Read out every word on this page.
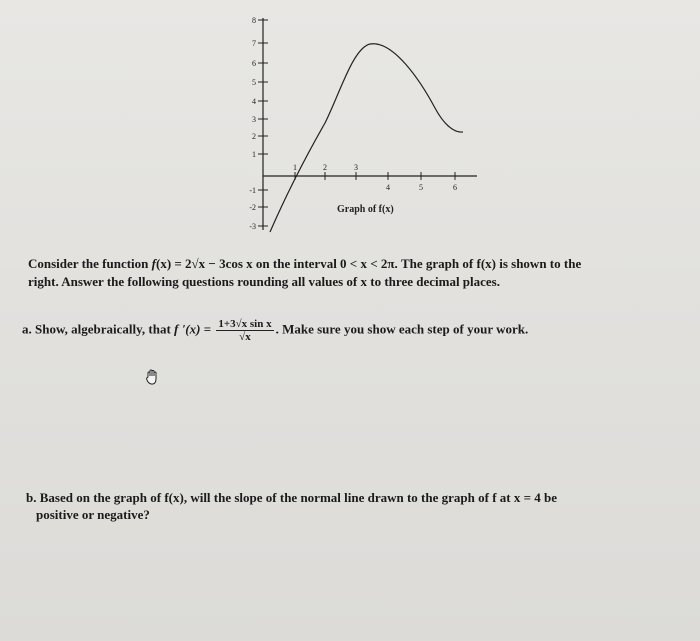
8
7
6
5
4
3
2
1
-1
-2
-3
1	2	3
4	5	6
Graph of f(x)
Consider the function f(x) = 2√x − 3cos x on the interval 0 < x < 2π. The graph of f(x) is shown to the
right. Answer the following questions rounding all values of x to three decimal places.
a. Show, algebraically, that f '$(x) = \frac{\text{1+3√x sin x}}{√x}$ . Make sure you show each step of your work.
b. Based on the graph of f(x), will the slope of the normal line drawn to the graph of f at x = 4 be
positive or negative?
